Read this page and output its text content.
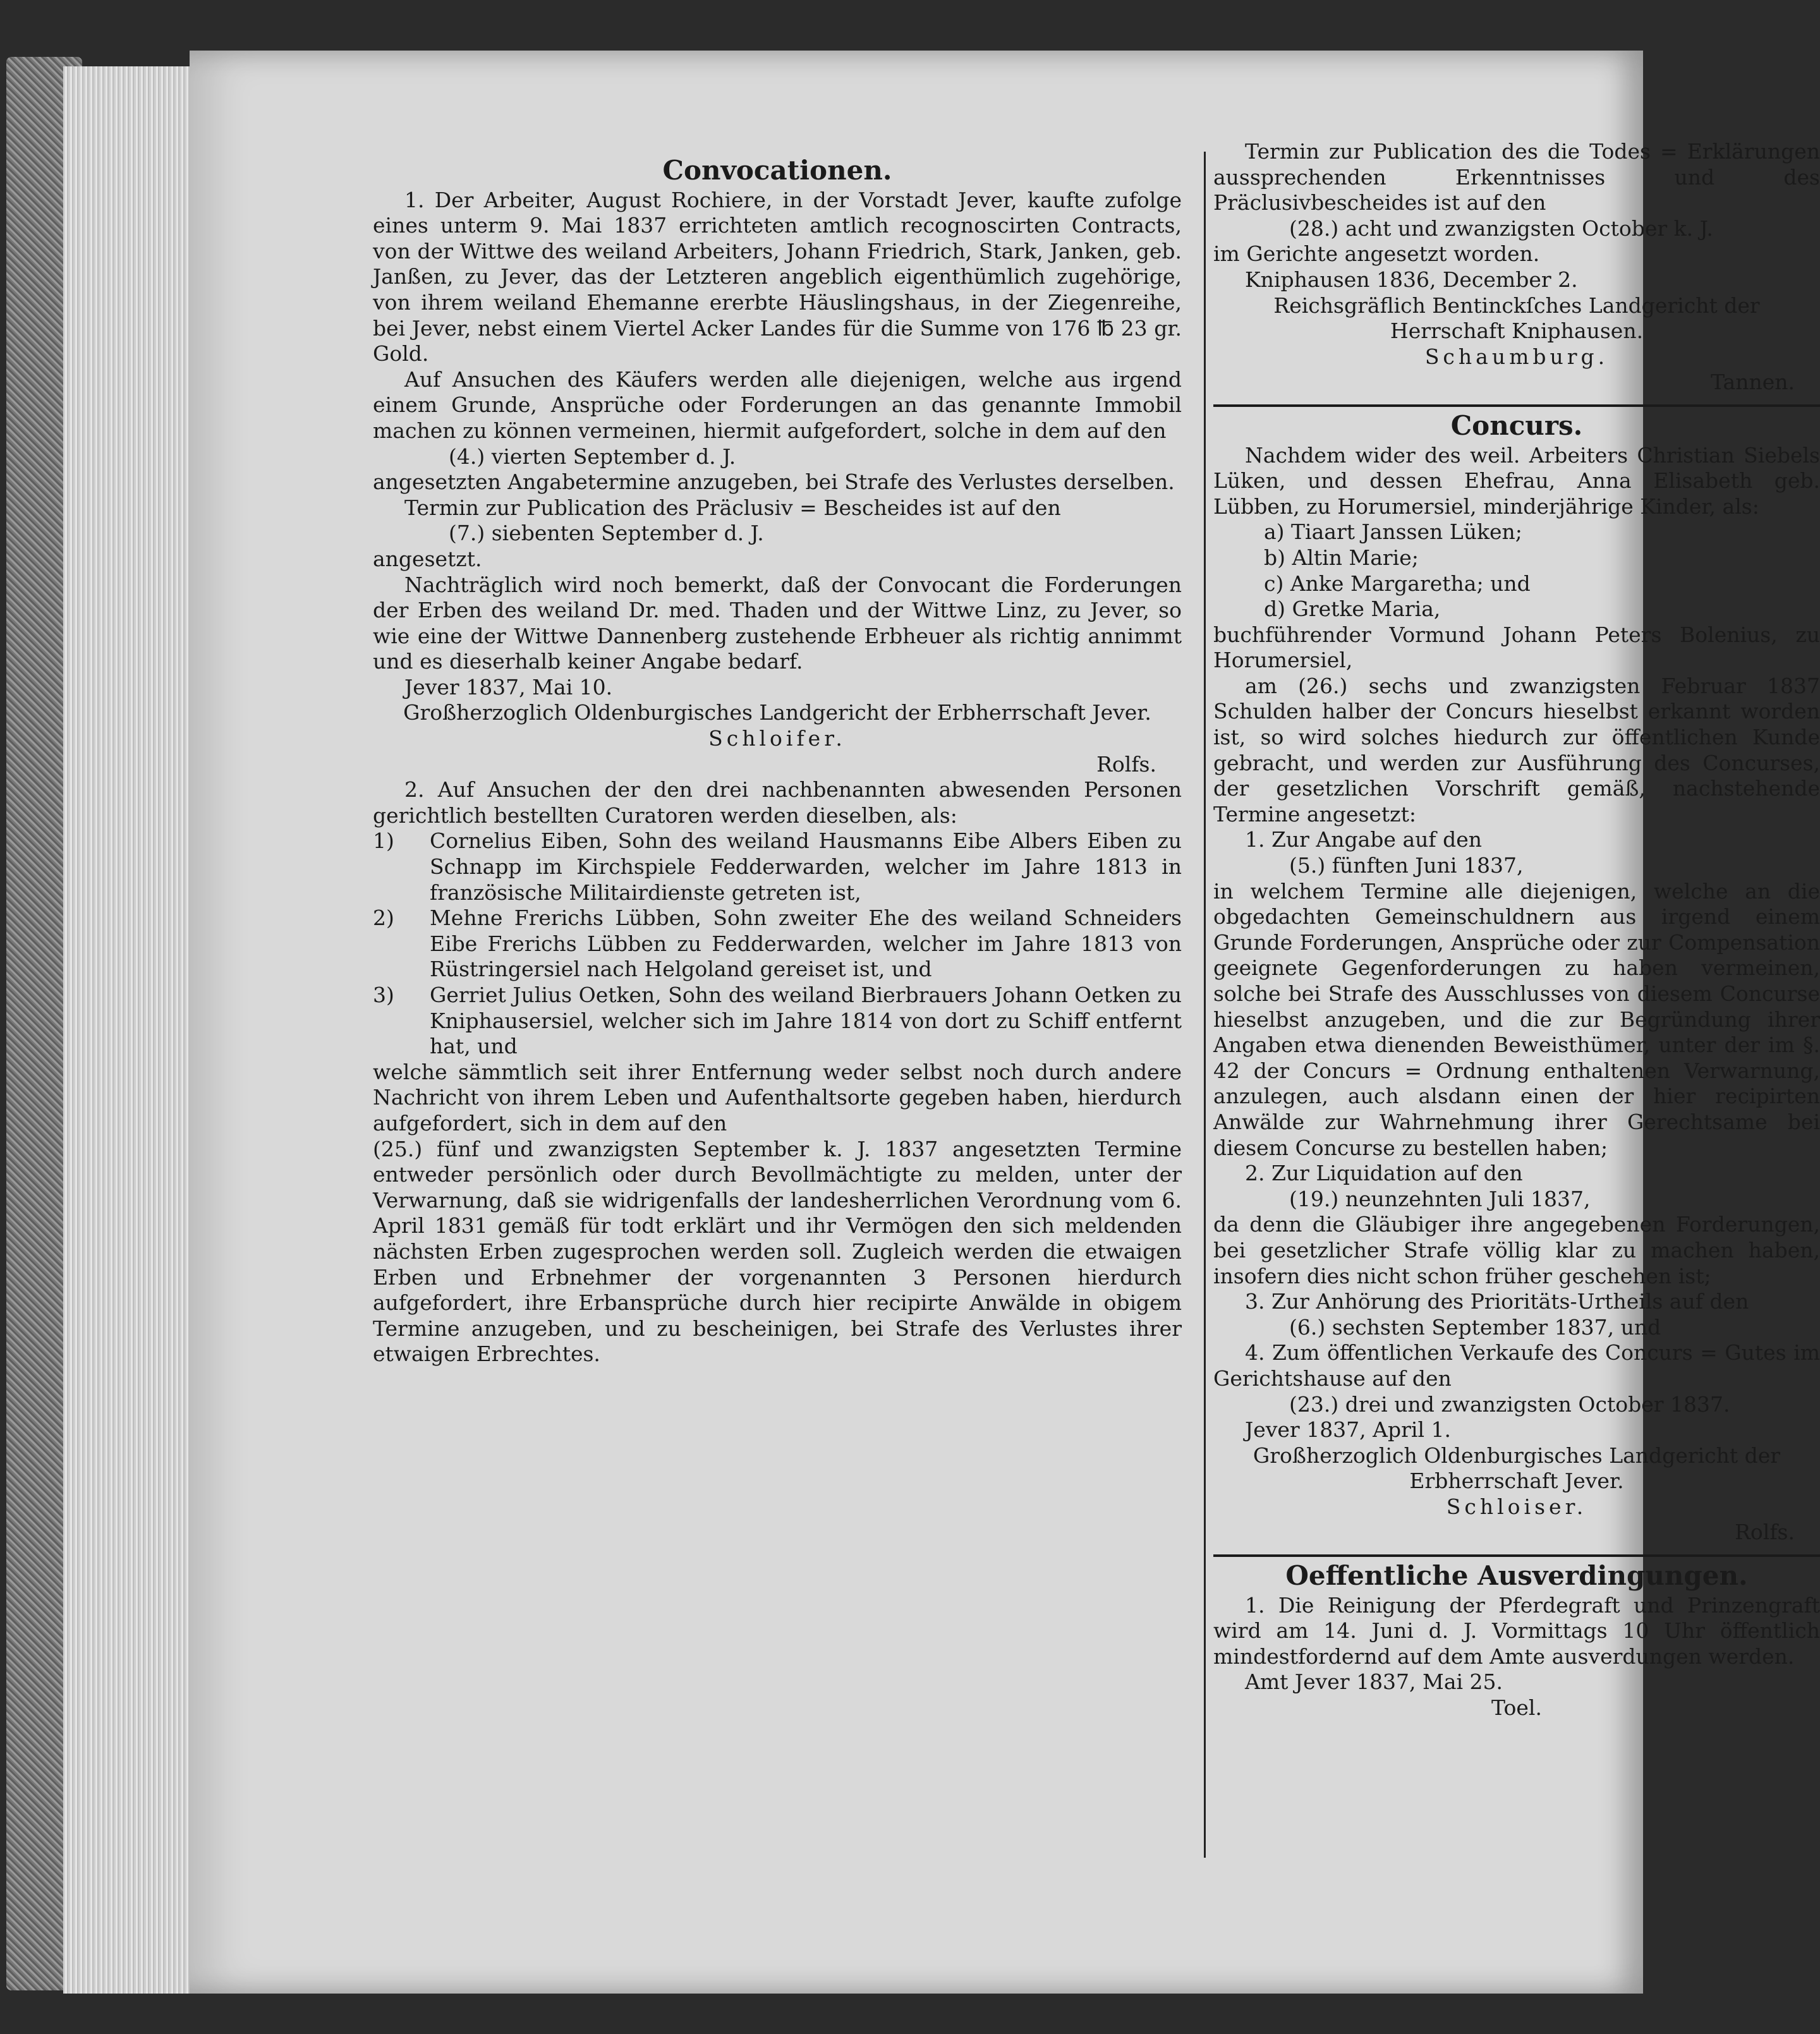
Convocationen.

1. Der Arbeiter, August Rochiere, in der Vorstadt Jever, kaufte zufolge eines unterm 9. Mai 1837 errichteten amtlich recognoscirten Contracts, von der Wittwe des weiland Arbeiters, Johann Friedrich, Stark, Janken, geb. Janßen, zu Jever, das der Letzteren angeblich eigenthümlich zugehörige, von ihrem weiland Ehemanne ererbte Häuslingshaus, in der Ziegenreihe, bei Jever, nebst einem Viertel Acker Landes für die Summe von 176 ℔ 23 gr. Gold.

Auf Ansuchen des Käufers werden alle diejenigen, welche aus irgend einem Grunde, Ansprüche oder Forderungen an das genannte Immobil machen zu können vermeinen, hiermit aufgefordert, solche in dem auf den

(4.) vierten September d. J.

angesetzten Angabetermine anzugeben, bei Strafe des Verlustes derselben.

Termin zur Publication des Präclusiv = Bescheides ist auf den

(7.) siebenten September d. J.

angesetzt.

Nachträglich wird noch bemerkt, daß der Convocant die Forderungen der Erben des weiland Dr. med. Thaden und der Wittwe Linz, zu Jever, so wie eine der Wittwe Dannenberg zustehende Erbheuer als richtig annimmt und es dieserhalb keiner Angabe bedarf.

Jever 1837, Mai 10.

Großherzoglich Oldenburgisches Landgericht der Erbherrschaft Jever.

Schloifer.

Rolfs.

2. Auf Ansuchen der den drei nachbenannten abwesenden Personen gerichtlich bestellten Curatoren werden dieselben, als:

1)	Cornelius Eiben, Sohn des weiland Hausmanns Eibe Albers Eiben zu Schnapp im Kirchspiele Fedderwarden, welcher im Jahre 1813 in französische Militairdienste getreten ist,
2)	Mehne Frerichs Lübben, Sohn zweiter Ehe des weiland Schneiders Eibe Frerichs Lübben zu Fedderwarden, welcher im Jahre 1813 von Rüstringersiel nach Helgoland gereiset ist, und
3)	Gerriet Julius Oetken, Sohn des weiland Bierbrauers Johann Oetken zu Kniphausersiel, welcher sich im Jahre 1814 von dort zu Schiff entfernt hat, und

welche sämmtlich seit ihrer Entfernung weder selbst noch durch andere Nachricht von ihrem Leben und Aufenthaltsorte gegeben haben, hierdurch aufgefordert, sich in dem auf den

(25.) fünf und zwanzigsten September k. J. 1837 angesetzten Termine entweder persönlich oder durch Bevollmächtigte zu melden, unter der Verwarnung, daß sie widrigenfalls der landesherrlichen Verordnung vom 6. April 1831 gemäß für todt erklärt und ihr Vermögen den sich meldenden nächsten Erben zugesprochen werden soll. Zugleich werden die etwaigen Erben und Erbnehmer der vorgenannten 3 Personen hierdurch aufgefordert, ihre Erbansprüche durch hier recipirte Anwälde in obigem Termine anzugeben, und zu bescheinigen, bei Strafe des Verlustes ihrer etwaigen Erbrechtes.

Termin zur Publication des die Todes = Erklärungen aussprechenden Erkenntnisses und des Präclusivbescheides ist auf den

(28.) acht und zwanzigsten October k. J.

im Gerichte angesetzt worden.

Kniphausen 1836, December 2.

Reichsgräflich Bentinckſches Landgericht der Herrschaft Kniphausen.

Schaumburg.

Tannen.

Concurs.

Nachdem wider des weil. Arbeiters Christian Siebels Lüken, und dessen Ehefrau, Anna Elisabeth geb. Lübben, zu Horumersiel, minderjährige Kinder, als:

a) Tiaart Janssen Lüken;

b) Altin Marie;

c) Anke Margaretha; und

d) Gretke Maria,

buchführender Vormund Johann Peters Bolenius, zu Horumersiel,

am (26.) sechs und zwanzigsten Februar 1837 Schulden halber der Concurs hieselbst erkannt worden ist, so wird solches hiedurch zur öffentlichen Kunde gebracht, und werden zur Ausführung des Concurses, der gesetzlichen Vorschrift gemäß, nachstehende Termine angesetzt:

1. Zur Angabe auf den

(5.) fünften Juni 1837,

in welchem Termine alle diejenigen, welche an die obgedachten Gemeinschuldnern aus irgend einem Grunde Forderungen, Ansprüche oder zur Compensation geeignete Gegenforderungen zu haben vermeinen, solche bei Strafe des Ausschlusses von diesem Concurse hieselbst anzugeben, und die zur Begründung ihrer Angaben etwa dienenden Beweisthümer, unter der im §. 42 der Concurs = Ordnung enthaltenen Verwarnung, anzulegen, auch alsdann einen der hier recipirten Anwälde zur Wahrnehmung ihrer Gerechtsame bei diesem Concurse zu bestellen haben;

2. Zur Liquidation auf den

(19.) neunzehnten Juli 1837,

da denn die Gläubiger ihre angegebenen Forderungen, bei gesetzlicher Strafe völlig klar zu machen haben, insofern dies nicht schon früher geschehen ist;

3. Zur Anhörung des Prioritäts-Urtheils auf den

(6.) sechsten September 1837, und

4. Zum öffentlichen Verkaufe des Concurs = Gutes im Gerichtshause auf den

(23.) drei und zwanzigsten October 1837.

Jever 1837, April 1.

Großherzoglich Oldenburgisches Landgericht der Erbherrschaft Jever.

Schloiser.

Rolfs.

Oeffentliche Ausverdingungen.

1. Die Reinigung der Pferdegraft und Prinzengraft wird am 14. Juni d. J. Vormittags 10 Uhr öffentlich mindestfordernd auf dem Amte ausverdungen werden.

Amt Jever 1837, Mai 25.

Toel.
